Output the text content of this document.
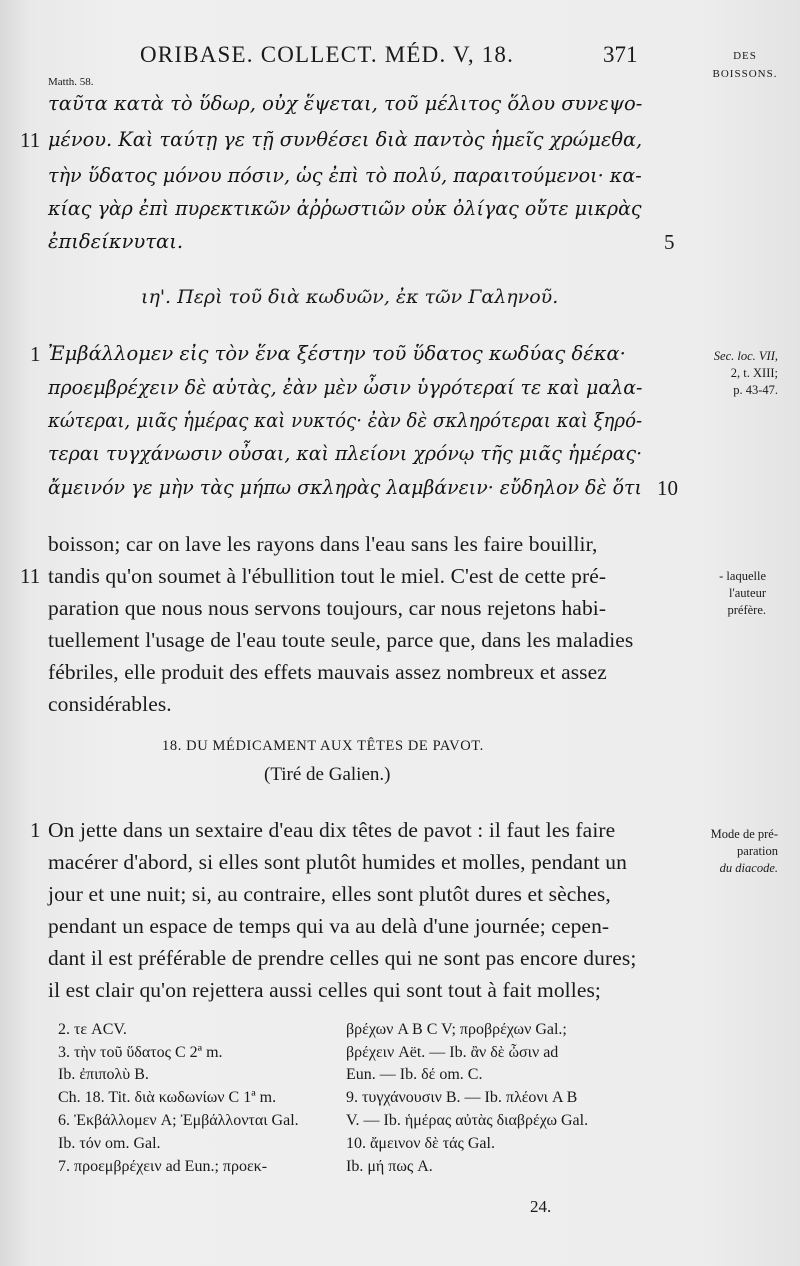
ORIBASE. COLLECT. MÉD. V, 18.	371	DES
BOISSONS.
Matth. 58.
ταῦτα κατὰ τὸ ὕδωρ, οὐχ ἕψεται, τοῦ μέλιτος ὅλου συνεψο-
μένου. Καὶ ταύτῃ γε τῇ συνθέσει διὰ παντὸς ἡμεῖς χρώμεθα,
τὴν ὕδατος μόνου πόσιν, ὡς ἐπὶ τὸ πολύ, παραιτούμενοι· κα-
κίας γὰρ ἐπὶ πυρεκτικῶν ἀῤῥωστιῶν οὐκ ὀλίγας οὔτε μικρὰς
ἐπιδείκνυται.
11
5
ιη'. Περὶ τοῦ διὰ κωδυῶν, ἐκ τῶν Γαληνοῦ.
Ἐμβάλλομεν εἰς τὸν ἕνα ξέστην τοῦ ὕδατος κωδύας δέκα·
προεμβρέχειν δὲ αὐτὰς, ἐὰν μὲν ὦσιν ὑγρότεραί τε καὶ μαλα-
κώτεραι, μιᾶς ἡμέρας καὶ νυκτός· ἐὰν δὲ σκληρότεραι καὶ ξηρό-
τεραι τυγχάνωσιν οὖσαι, καὶ πλείονι χρόνῳ τῆς μιᾶς ἡμέρας·
ἄμεινόν γε μὴν τὰς μήπω σκληρὰς λαμβάνειν· εὔδηλον δὲ ὅτι
1
10
Sec. loc. VII,
2, t. XIII;
p. 43-47.
boisson; car on lave les rayons dans l'eau sans les faire bouillir,
tandis qu'on soumet à l'ébullition tout le miel. C'est de cette pré-
paration que nous nous servons toujours, car nous rejetons habi-
tuellement l'usage de l'eau toute seule, parce que, dans les maladies
fébriles, elle produit des effets mauvais assez nombreux et assez
considérables.
11	- laquelle
l'auteur
préfère.
18. DU MÉDICAMENT AUX TÊTES DE PAVOT.
(Tiré de Galien.)
On jette dans un sextaire d'eau dix têtes de pavot : il faut les faire
macérer d'abord, si elles sont plutôt humides et molles, pendant un
jour et une nuit; si, au contraire, elles sont plutôt dures et sèches,
pendant un espace de temps qui va au delà d'une journée; cepen-
dant il est préférable de prendre celles qui ne sont pas encore dures;
il est clair qu'on rejettera aussi celles qui sont tout à fait molles;
1	Mode de pré-
paration
du diacode.
2. τε ACV.
3. τὴν τοῦ ὕδατος C 2ª m.
Ib. ἐπιπολὺ B.
Ch. 18. Tit. διὰ κωδωνίων C 1ª m.
6. Ἐκβάλλομεν A; Ἐμβάλλονται Gal.
Ib. τόν om. Gal.
7. προεμβρέχειν ad Eun.; προεκ-
βρέχων A B C V; προβρέχων Gal.;
βρέχειν Aët. — Ib. ἂν δὲ ὦσιν ad
Eun. — Ib. δέ om. C.
9. τυγχάνουσιν B. — Ib. πλέονι A B
V. — Ib. ἡμέρας αὐτὰς διαβρέχω Gal.
10. ἄμεινον δὲ τάς Gal.
Ib. μή πως A.
24.
